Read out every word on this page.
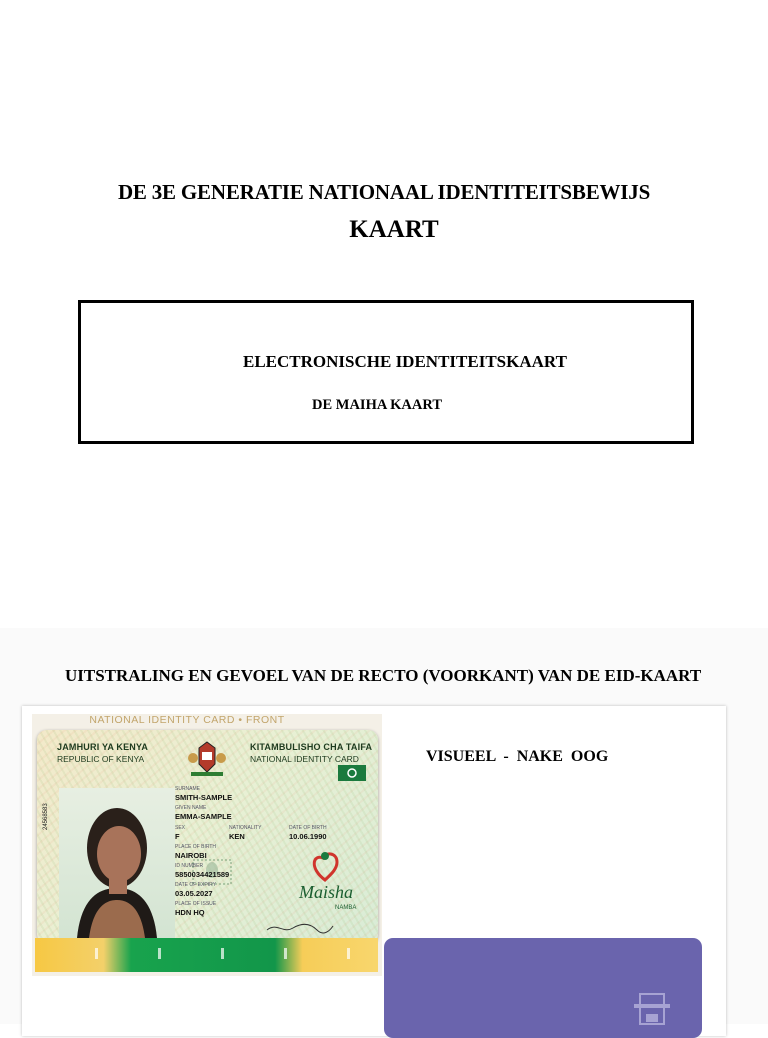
DE 3E GENERATIE NATIONAAL IDENTITEITSBEWIJS
KAART
ELECTRONISCHE IDENTITEITSKAART
DE MAIHA KAART
UITSTRALING EN GEVOEL VAN DE RECTO (VOORKANT) VAN DE EID-KAART
VISUEEL  -  NAKE  OOG
NATIONAL IDENTITY CARD • FRONT
JAMHURI YA KENYA
REPUBLIC OF KENYA
KITAMBULISHO CHA TAIFA
NATIONAL IDENTITY CARD
24568583
SURNAME
SMITH-SAMPLE
GIVEN NAME
EMMA-SAMPLE
SEX
F
NATIONALITY
KEN
DATE OF BIRTH
10.06.1990
PLACE OF BIRTH
NAIROBI
ID NUMBER
5850034421589
DATE OF EXPIRY
03.05.2027
PLACE OF ISSUE
HDN HQ
Maisha
NAMBA
